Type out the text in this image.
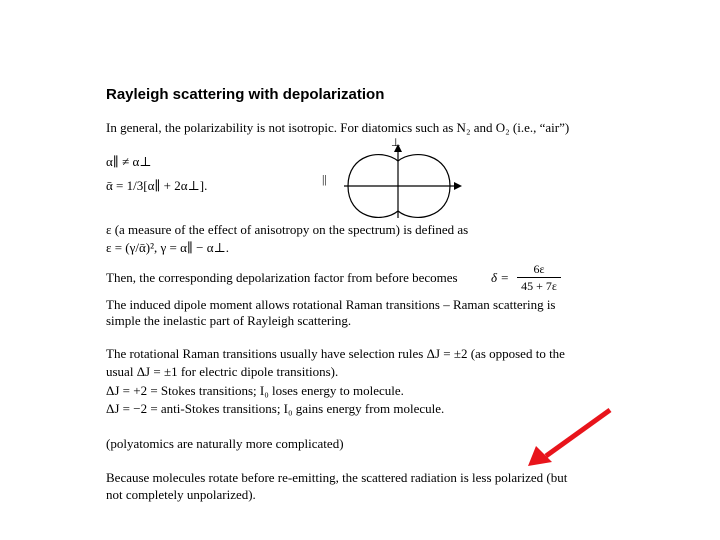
Rayleigh scattering with depolarization
In general, the polarizability is not isotropic. For diatomics such as N₂ and O₂ (i.e., “air”)
α∥ ≠ α⊥
ᾱ = 1/3[α∥ + 2α⊥].
⊥
||
ε (a measure of the effect of anisotropy on the spectrum) is defined as
ε = (γ/ᾱ)², γ = α∥ − α⊥.
Then, the corresponding depolarization factor from before becomes	δ =
6ε
45 + 7ε
The induced dipole moment allows rotational Raman transitions – Raman scattering is
simple the inelastic part of Rayleigh scattering.
The rotational Raman transitions usually have selection rules ΔJ = ±2 (as opposed to the
usual ΔJ = ±1 for electric dipole transitions).
ΔJ = +2 = Stokes transitions; I₀ loses energy to molecule.
ΔJ = −2 = anti-Stokes transitions; I₀ gains energy from molecule.
(polyatomics are naturally more complicated)
Because molecules rotate before re-emitting, the scattered radiation is less polarized (but
not completely unpolarized).
